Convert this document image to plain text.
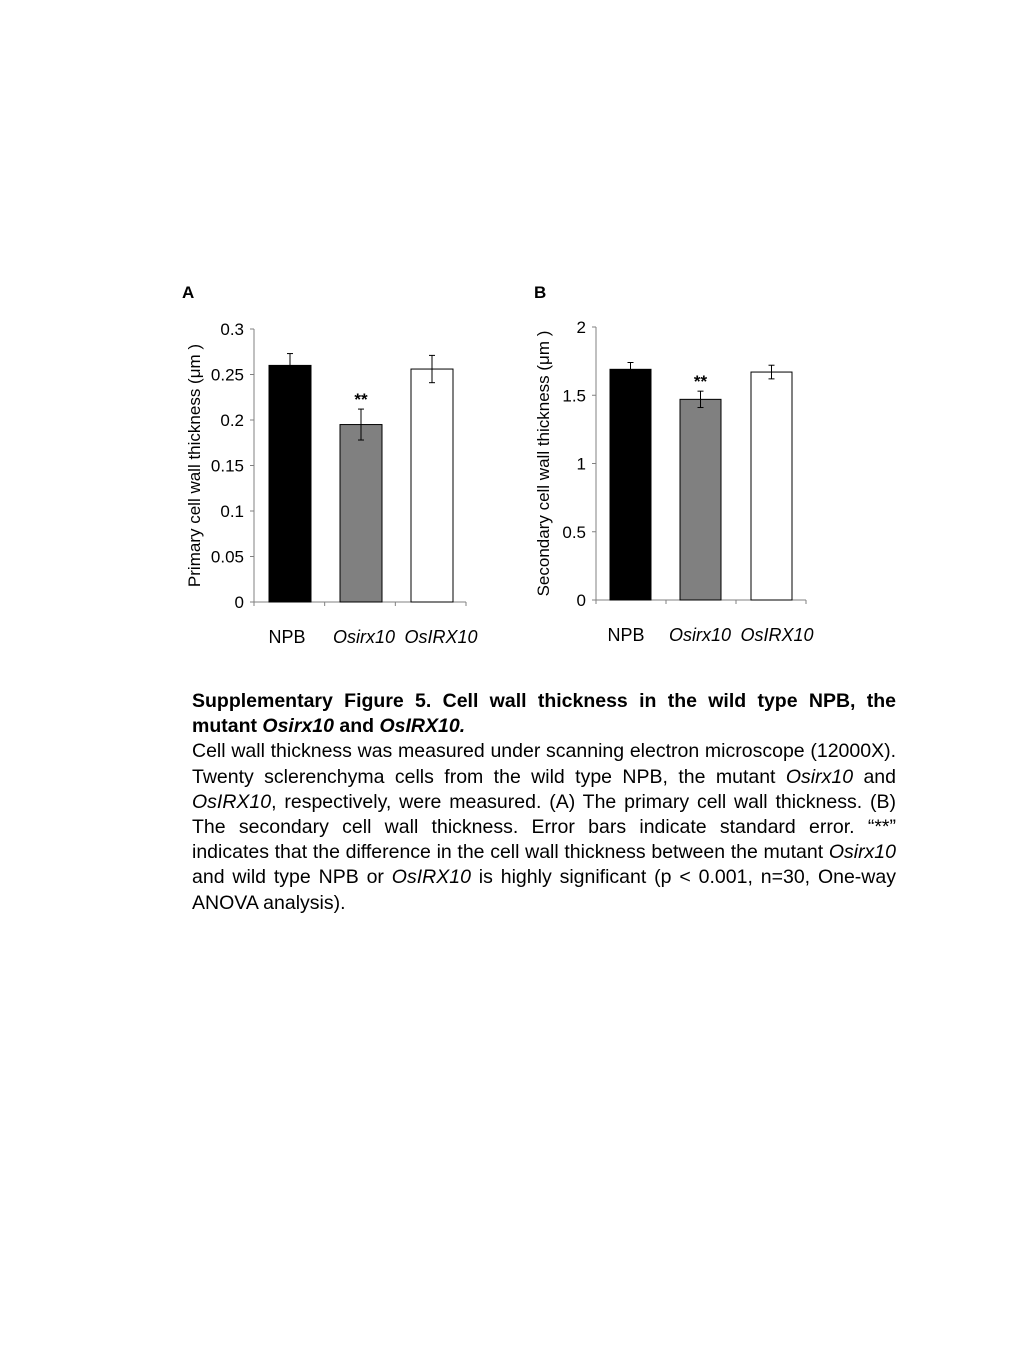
A	B
0
0.05
0.1
0.15
0.2
0.25
0.3
Primary cell wall thickness (μm )
NPB
**
Osirx10 OsIRX10
0
0.5
1
1.5
2
Secondary cell wall thickness (μm )
NPB
**
Osirx10 OsIRX10

Supplementary Figure 5. Cell wall thickness in the wild type NPB, the mutant Osirx10 and OsIRX10.

Cell wall thickness was measured under scanning electron microscope (12000X). Twenty sclerenchyma cells from the wild type NPB, the mutant Osirx10 and OsIRX10, respectively, were measured. (A) The primary cell wall thickness. (B) The secondary cell wall thickness. Error bars indicate standard error. “**” indicates that the difference in the cell wall thickness between the mutant Osirx10 and wild type NPB or OsIRX10 is highly significant (p < 0.001, n=30, One-way ANOVA analysis).
